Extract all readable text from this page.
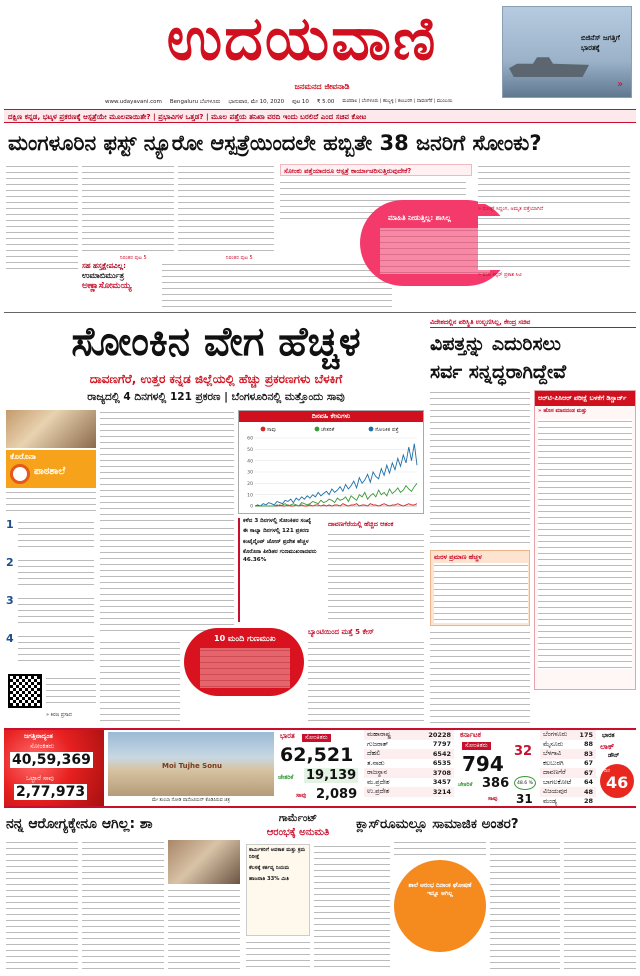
ಉದಯವಾಣಿ
ಜನಮನದ ಜೀವನಾಡಿ
ಬಿಜಿನೆಸ್ ಜಗತ್ತಿಗೆ ಭಾರತಕ್ಕೆ
»
www.udayavani.com Bengaluru ಬೆಂಗಳೂರು ಭಾನುವಾರ, ಮೇ 10, 2020 ಪುಟ 10 ₹ 5.00 ಮಣಿಪಾಲ | ಬೆಂಗಳೂರು | ಹುಬ್ಬಳ್ಳಿ | ಕಲಬುರಗಿ | ದಾವಣಗೆರೆ | ಮುಂಬಯಿ
ದಕ್ಷಿಣ ಕನ್ನಡ, ಭಟ್ಕಳ ಪ್ರಕರಣಕ್ಕೆ ಆಸ್ಪತ್ರೆಯೇ ಮೂಲವಾಯಿತೇ? | ಪ್ರಭಾವಿಗಳ ಒತ್ತಡ? | ಮೂಲ ಪತ್ತೆಯ ತನಿಖಾ ವರದಿ ಇಂದು ಬರಲಿದೆ ಎಂದ ಸಚಿವ ಕೋಟ
ಮಂಗಳೂರಿನ ಫಸ್ಟ್ ನ್ಯೂರೋ ಆಸ್ಪತ್ರೆಯಿಂದಲೇ ಹಬ್ಬಿತೇ 38 ಜನರಿಗೆ ಸೋಂಕು?
ನಿರಂತರ ಪುಟ 5	ನಿರಂತರ ಪುಟ 5
ಸಹ ಹಸ್ತಕ್ಷೇಪವಿಲ್ಲ:
ಉಮಾಬಿರ್ಮುತ್ರ
ಅಣ್ಣಾಸೋಮಯ್ಯ
ಸೋಂಕು ಪತ್ತೆಯಾದರೂ ಆಸ್ಪತ್ರೆ ಕಾರ್ಯಾಚರಿಸುತ್ತಿರುವುದೇಕೆ?
ಮಾಹಿತಿ ನೀಡುತ್ತಿಲ್ಲ: ಶಾಸಿಲ್ಲ
» ರೋಕ್ಸ್ ಸಿದ್ದಂಗ, ಅಮೃತ ಪತ್ತೆಯಾಗಿದೆ
» ಐಜಾ ಕನ್ಸರ್ ಪ್ರಕಾಶ ಸಿಟಿ
ಸೋಂಕಿನ ವೇಗ ಹೆಚ್ಚಳ
ದಾವಣಗೆರೆ, ಉತ್ತರ ಕನ್ನಡ ಜಿಲ್ಲೆಯಲ್ಲಿ ಹೆಚ್ಚು ಪ್ರಕರಣಗಳು ಬೆಳಕಿಗೆ
ರಾಜ್ಯದಲ್ಲಿ 4 ದಿನಗಳಲ್ಲಿ 121 ಪ್ರಕರಣ | ಬೆಂಗಳೂರಿನಲ್ಲಿ ಮತ್ತೊಂದು ಸಾವು
ಕೊರೊನಾ
ಪಾಠಶಾಲೆ
1
2
3
4
» ಕಿರಣ ಪ್ರಸಾದ
ದಿನವಹಿ ಕೇಸುಗಳು
0
10
20
30
40
50
60
ಸಾವು	ಚೇತರಿಕೆ	ಸೋಂಕಿತ ಪತ್ತೆ
ಕಳೆದ 3 ದಿನಗಳಲ್ಲಿ ಸೋಂಕಿತರ ಸಂಖ್ಯೆ
ಈ ಸಾಲ್ಯಾ ದಿನಗಳಲ್ಲಿ 121 ಪ್ರಕರಣ
ಕಂಟೈನ್ಮೆಂಟ್ ಜೋನ್ ಪ್ರದೇಶ ಹೆಚ್ಚಳ
ಕೊರೊನಾ ಪೀಡಿತರ ಗುಣಮುಖರಾದವರು 46.36%
ದಾವಣಗೆರೆಯಲ್ಲಿ ಹೆಚ್ಚಿದ ಆತಂಕ
10 ಮಂದಿ ಗುಣಮುಖ
ಬ್ಯಾಂಟಿಯಿಂದ ಮತ್ತೆ 5 ಕೇಸ್
ವಿದೇಶದಲ್ಲಿನ ಪರಿಸ್ಥಿತಿ ಉಲ್ಬಣಿಸಿಲ್ಲ, ಕೇಂದ್ರ ಸಚಿವ
ವಿಪತ್ತನ್ನು ಎದುರಿಸಲು
ಸರ್ವ ಸನ್ನದ್ಧರಾಗಿದ್ದೇವೆ
ಆರ್‌ಟಿ-ಪಿಸಿಆರ್ ಪರೀಕ್ಷೆ ಬಳಕೆಗೆ ಡಿಸ್ಚಾರ್ಜ್
» ಹೊಸ ಮಾನದಂಡ ಮತ್ತು
ಮರಳ ಪ್ರಮಾಣ ಹೆಚ್ಚಳ
ಜಗತ್ತಿನಾದ್ಯಂತ
ಸೋಂಕಿತರು
40,59,369
ಒಟ್ಟಾರೆ ಸಾವು
2,77,973
Moi Tujhe Sonu
ಮೇ ತುಂಬಾ ನೋಡಿ ಪಾಸೆಂಟಿಯನ್ ಕೊಡಿಸಿರುವ ಚಿತ್ರ
ಭಾರತ	ಸೋಂಕಿತರು
62,521
ಚೇತರಿಕೆ 19,139
ಸಾವು 2,089
ಮಹಾರಾಷ್ಟ್ರ	20228
ಗುಜರಾತ್	7797
ದೆಹಲಿ	6542
ತ.ನಾಡು	6535
ರಾಜಸ್ಥಾನ	3708
ಮ.ಪ್ರದೇಶ	3457
ಉ.ಪ್ರದೇಶ	3214
ಕರ್ನಾಟಕ
ಸೋಂಕಿತರು
794
32
ಚೇತರಿಕೆ 386	48.6 %
ಸಾವು 31
ಬೆಂಗಳೂರು	175
ಮೈಸೂರು	88
ಬೆಳಗಾವಿ	83
ಕಲಬುರಗಿ	67
ದಾವಣಗೆರೆ	67
ಬಾಗಲಕೋಟೆ	64
ವಿಜಯಪುರ	48
ಮಂಡ್ಯ	28
ಭಾರತ
ಲಾಕ್
ಡೌನ್
ದಿನ
46
ನನ್ನ ಆರೋಗ್ಯಕ್ಕೇನೂ ಆಗಿಲ್ಲ: ಶಾ	ಗಾರ್ಮೆಂಟ್
ಆರಂಭಕ್ಕೆ ಅನುಮತಿ
ಕಾರ್ಮಿಕರಿಗೆ ಅವಕಾಶ ಮತ್ತು ಕ್ರಮ ನಿರೀಕ್ಷೆ
ಕೆಲಸಕ್ಕೆ ಕರ್ತವ್ಯ ನಿಯಮ
ಹಾಜರಾತಿ 33% ಮಿತಿ
ಕ್ಲಾಸ್‌ರೂಮಲ್ಲೂ ಸಾಮಾಜಿಕ ಅಂತರ?
ಶಾಲೆ ಆರಂಭ ದಿನಾಂಕ ಘೋಷಣೆ ಇನ್ನೂ ಆಗಿಲ್ಲ
